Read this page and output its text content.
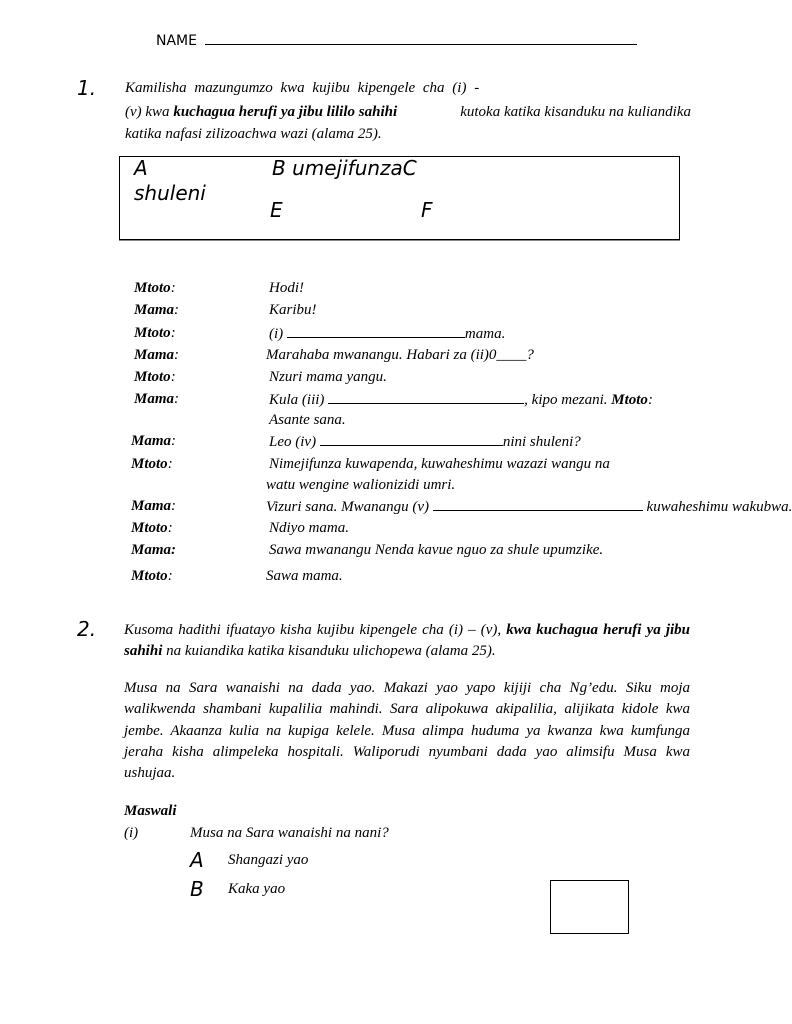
NAME
1. Kamilisha mazungumzo kwa kujibu kipengele cha (i) -
(v) kwa kuchagua herufi ya jibu lililo sahihi	kutoka katika kisanduku na kuliandika
katika nafasi zilizoachwa wazi (alama 25).
A
shuleni
B umejifunzaC
E	F
Mtoto:	Hodi!
Mama:	Karibu!
Mtoto:	(i)	mama.
Mama:	Marahaba mwanangu. Habari za (ii)0____?
Mtoto:	Nzuri mama yangu.
Mama:	Kula (iii)	, kipo mezani. Mtoto:
Asante sana.
Mama:	Leo (iv)	nini shuleni?
Mtoto:	Nimejifunza kuwapenda, kuwaheshimu wazazi wangu na
watu wengine walionizidi umri.
Mama:	Vizuri sana. Mwanangu (v)	kuwaheshimu wakubwa.
Mtoto:	Ndiyo mama.
Mama:	Sawa mwanangu Nenda kavue nguo za shule upumzike.
Mtoto:	Sawa mama.
2. Kusoma hadithi ifuatayo kisha kujibu kipengele cha (i) – (v), kwa kuchagua herufi ya jibu sahihi na kuiandika katika kisanduku ulichopewa (alama 25).
Musa na Sara wanaishi na dada yao. Makazi yao yapo kijiji cha Ng’edu. Siku moja walikwenda shambani kupalilia mahindi. Sara alipokuwa akipalilia, alijikata kidole kwa jembe. Akaanza kulia na kupiga kelele. Musa alimpa huduma ya kwanza kwa kumfunga jeraha kisha alimpeleka hospitali. Waliporudi nyumbani dada yao alimsifu Musa kwa ushujaa.
Maswali
(i)	Musa na Sara wanaishi na nani?
A Shangazi yao
B Kaka yao
